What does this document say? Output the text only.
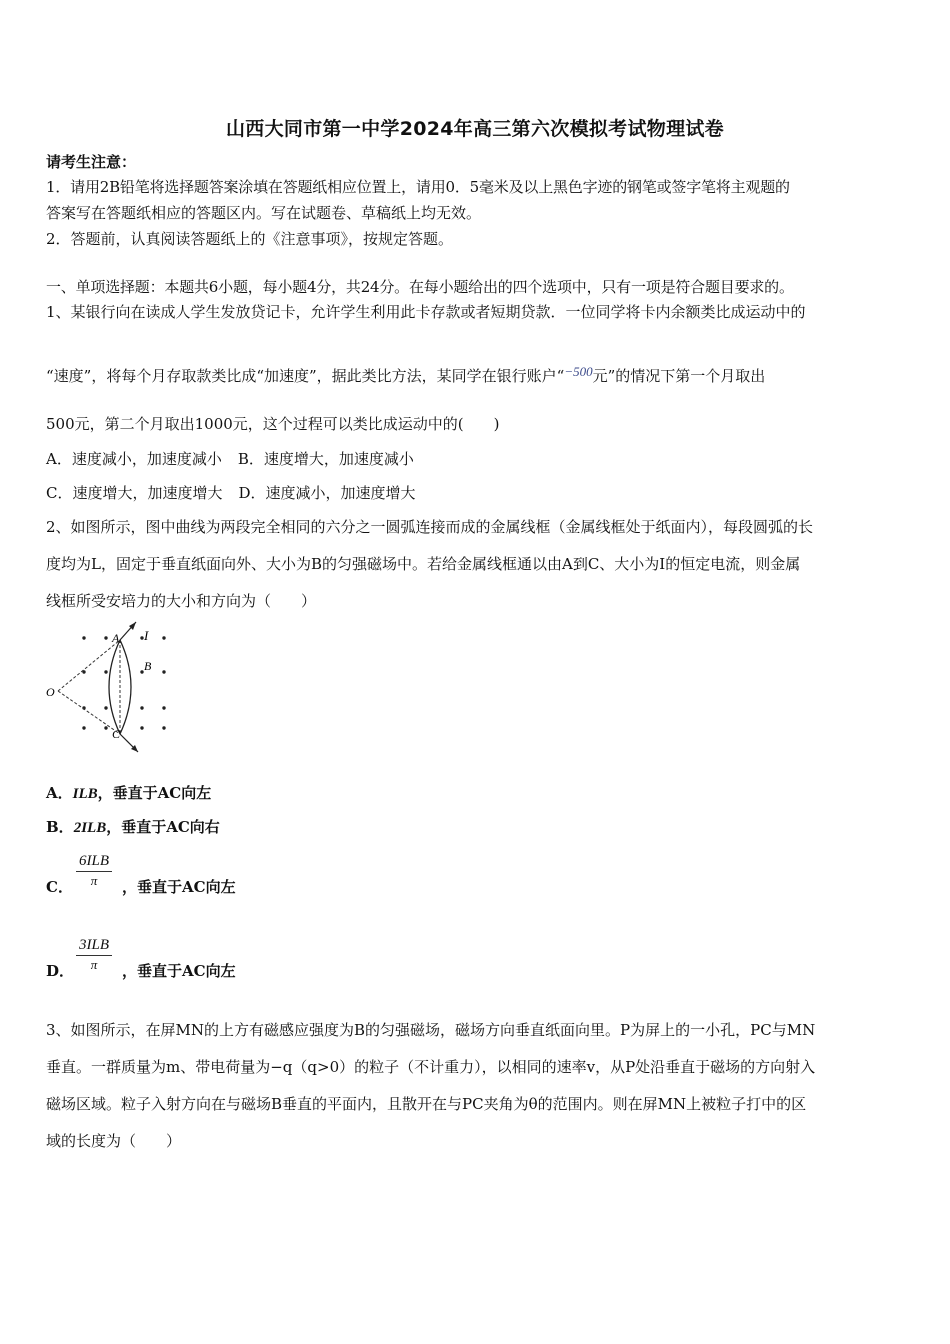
山西大同市第一中学2024年高三第六次模拟考试物理试卷
请考生注意：
1．请用2B铅笔将选择题答案涂填在答题纸相应位置上，请用0．5毫米及以上黑色字迹的钢笔或签字笔将主观题的
答案写在答题纸相应的答题区内。写在试题卷、草稿纸上均无效。
2．答题前，认真阅读答题纸上的《注意事项》，按规定答题。
一、单项选择题：本题共6小题，每小题4分，共24分。在每小题给出的四个选项中，只有一项是符合题目要求的。
1、某银行向在读成人学生发放贷记卡，允许学生利用此卡存款或者短期贷款．一位同学将卡内余额类比成运动中的
“速度”，将每个月存取款类比成“加速度”，据此类比方法，某同学在银行账户“−500元”的情况下第一个月取出
500元，第二个月取出1000元，这个过程可以类比成运动中的(　　)
A．速度减小，加速度减小 B．速度增大，加速度减小
C．速度增大，加速度增大 D．速度减小，加速度增大
2、如图所示，图中曲线为两段完全相同的六分之一圆弧连接而成的金属线框（金属线框处于纸面内），每段圆弧的长
度均为L，固定于垂直纸面向外、大小为B的匀强磁场中。若给金属线框通以由A到C、大小为I的恒定电流，则金属
线框所受安培力的大小和方向为（　　）
O
A I
B
C
A．ILB，垂直于AC向左
B．2ILB，垂直于AC向右
C．
6ILB
π	，垂直于AC向左
D．
3ILB
π	，垂直于AC向左
3、如图所示，在屏MN的上方有磁感应强度为B的匀强磁场，磁场方向垂直纸面向里。P为屏上的一小孔，PC与MN
垂直。一群质量为m、带电荷量为−q（q>0）的粒子（不计重力），以相同的速率v，从P处沿垂直于磁场的方向射入
磁场区域。粒子入射方向在与磁场B垂直的平面内，且散开在与PC夹角为θ的范围内。则在屏MN上被粒子打中的区
域的长度为（　　）
